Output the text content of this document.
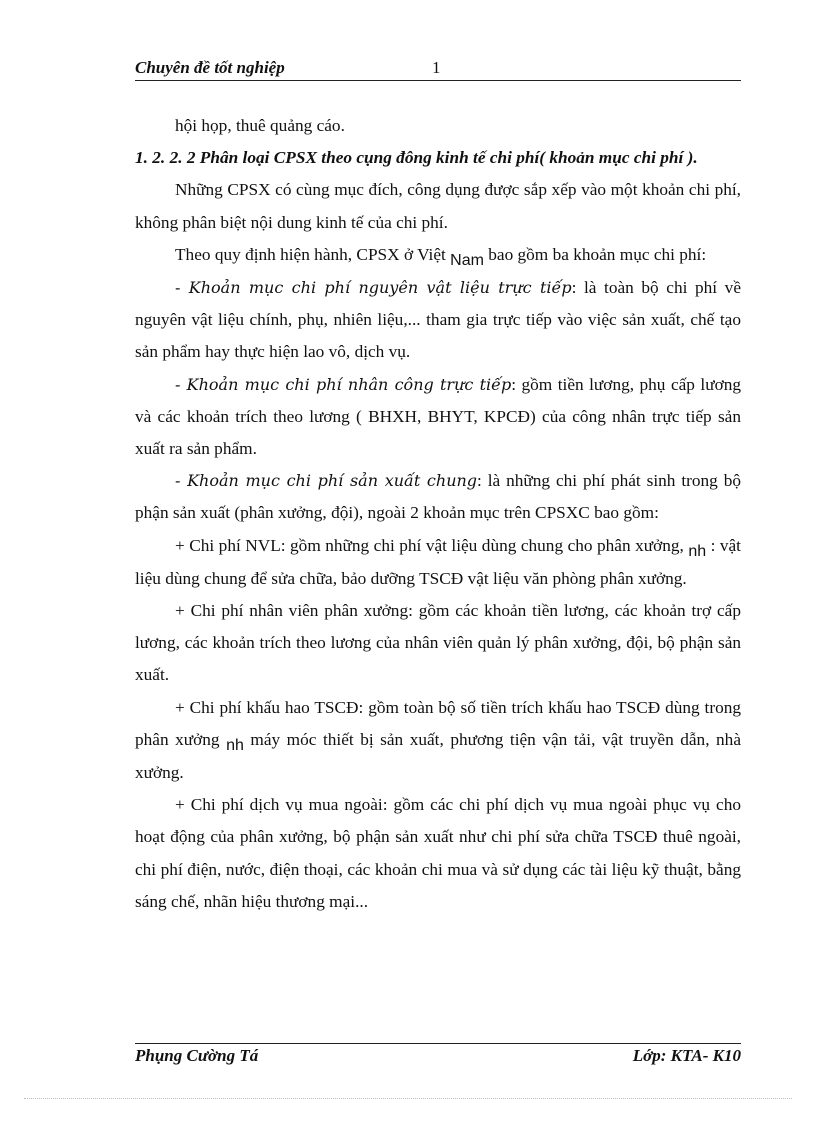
Chuyên đề tốt nghiệp	1

hội họp, thuê quảng cáo.

1. 2. 2. 2 Phân loại CPSX theo cụng đông kinh tế chi phí( khoản mục chi phí ).

Những CPSX có cùng mục đích, công dụng được sắp xếp vào một khoản chi phí, không phân biệt nội dung kinh tế của chi phí.

Theo quy định hiện hành, CPSX ở Việt Nam bao gồm ba khoản mục chi phí:

- Khoản mục chi phí nguyên vật liệu trực tiếp: là toàn bộ chi phí về nguyên vật liệu chính, phụ, nhiên liệu,... tham gia trực tiếp vào việc sản xuất, chế tạo sản phẩm hay thực hiện lao vô, dịch vụ.

- Khoản mục chi phí nhân công trực tiếp: gồm tiền lương, phụ cấp lương và các khoản trích theo lương ( BHXH, BHYT, KPCĐ) của công nhân trực tiếp sản xuất ra sản phẩm.

- Khoản mục chi phí sản xuất chung: là những chi phí phát sinh trong bộ phận sản xuất (phân xưởng, đội), ngoài 2 khoản mục trên CPSXC bao gồm:

+ Chi phí NVL: gồm những chi phí vật liệu dùng chung cho phân xưởng, nh : vật liệu dùng chung để sửa chữa, bảo dưỡng TSCĐ vật liệu văn phòng phân xưởng.

+ Chi phí nhân viên phân xưởng: gồm các khoản tiền lương, các khoản trợ cấp lương, các khoản trích theo lương của nhân viên quản lý phân xưởng, đội, bộ phận sản xuất.

+ Chi phí khấu hao TSCĐ: gồm toàn bộ số tiền trích khấu hao TSCĐ dùng trong phân xưởng nh máy móc thiết bị sản xuất, phương tiện vận tải, vật truyền dẫn, nhà xưởng.

+ Chi phí dịch vụ mua ngoài: gồm các chi phí dịch vụ mua ngoài phục vụ cho hoạt động của phân xưởng, bộ phận sản xuất như chi phí sửa chữa TSCĐ thuê ngoài, chi phí điện, nước, điện thoại, các khoản chi mua và sử dụng các tài liệu kỹ thuật, bằng sáng chế, nhãn hiệu thương mại...

Phụng Cường Tá	Lớp: KTA- K10
